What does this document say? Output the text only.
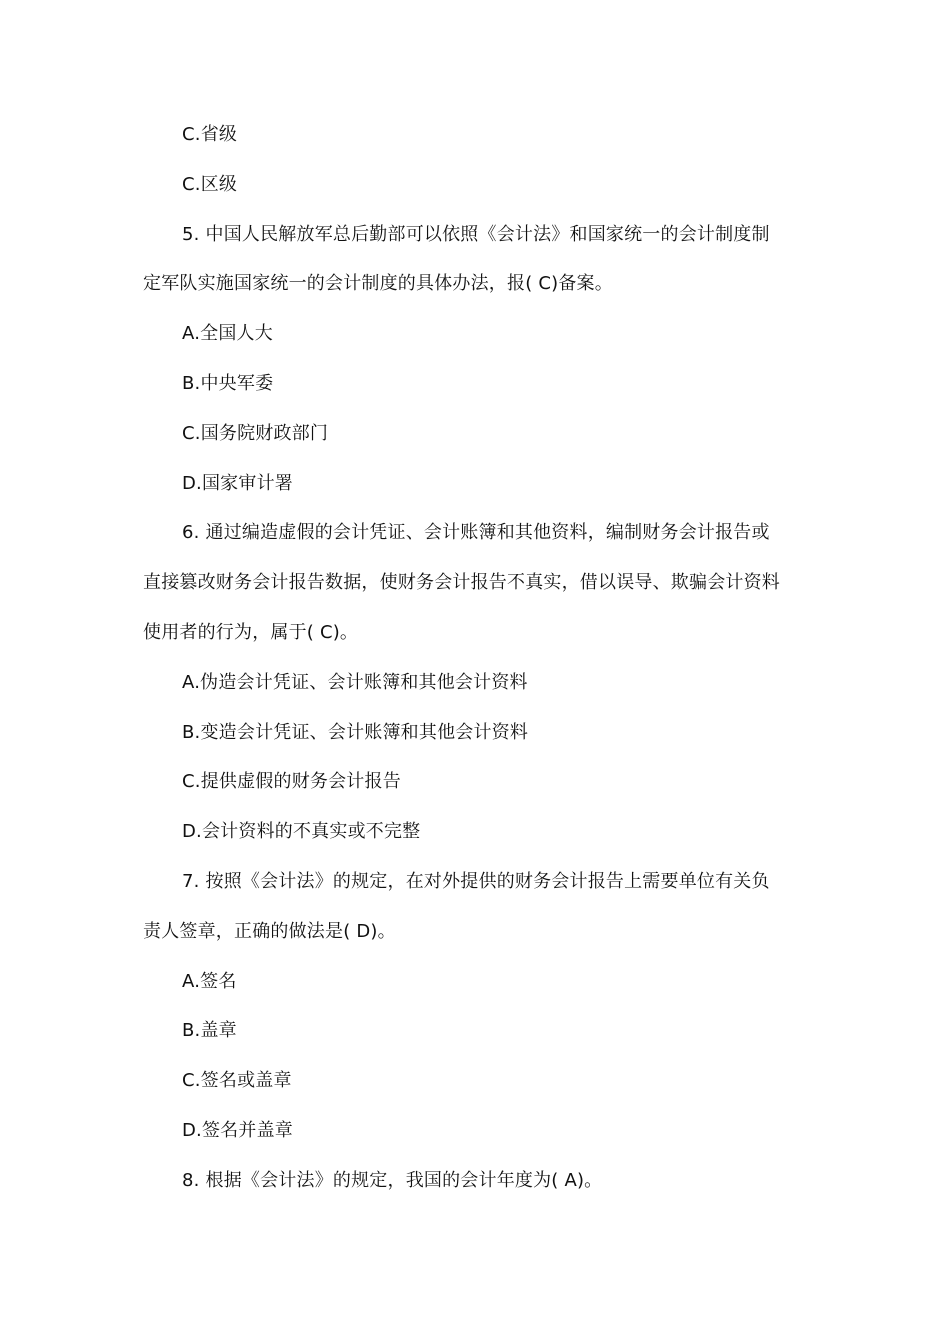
C.省级
C.区级
5. 中国人民解放军总后勤部可以依照《会计法》和国家统一的会计制度制
定军队实施国家统一的会计制度的具体办法，报( C)备案。
A.全国人大
B.中央军委
C.国务院财政部门
D.国家审计署
6. 通过编造虚假的会计凭证、会计账簿和其他资料，编制财务会计报告或
直接篡改财务会计报告数据，使财务会计报告不真实，借以误导、欺骗会计资料
使用者的行为，属于( C)。
A.伪造会计凭证、会计账簿和其他会计资料
B.变造会计凭证、会计账簿和其他会计资料
C.提供虚假的财务会计报告
D.会计资料的不真实或不完整
7. 按照《会计法》的规定，在对外提供的财务会计报告上需要单位有关负
责人签章，正确的做法是( D)。
A.签名
B.盖章
C.签名或盖章
D.签名并盖章
8. 根据《会计法》的规定，我国的会计年度为( A)。
